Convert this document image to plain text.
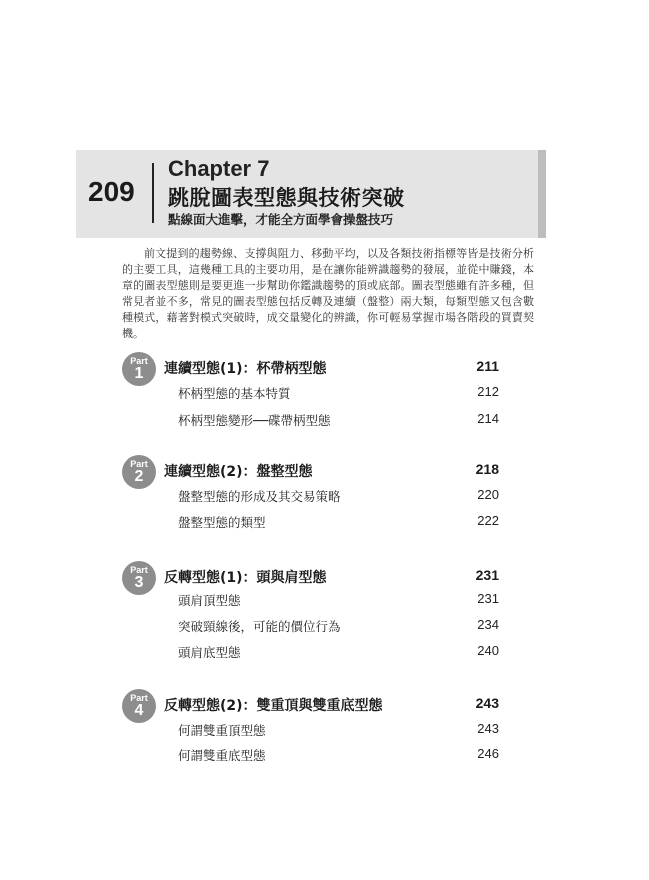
209
Chapter 7
跳脫圖表型態與技術突破
點線面大進擊，才能全方面學會操盤技巧
前文提到的趨勢線、支撐與阻力、移動平均，以及各類技術指標等皆是技術分析的主要工具，這幾種工具的主要功用，是在讓你能辨識趨勢的發展，並從中賺錢，本章的圖表型態則是要更進一步幫助你鑑識趨勢的頂或底部。圖表型態雖有許多種，但常見者並不多，常見的圖表型態包括反轉及連續（盤整）兩大類，每類型態又包含數種模式，藉著對模式突破時，成交量變化的辨識，你可輕易掌握市場各階段的買賣契機。
Part
1	連續型態(1)：杯帶柄型態	211
杯柄型態的基本特質	212
杯柄型態變形──碟帶柄型態	214
Part
2	連續型態(2)：盤整型態	218
盤整型態的形成及其交易策略	220
盤整型態的類型	222
Part
3	反轉型態(1)：頭與肩型態	231
頭肩頂型態	231
突破頸線後，可能的價位行為	234
頭肩底型態	240
Part
4	反轉型態(2)：雙重頂與雙重底型態	243
何謂雙重頂型態	243
何謂雙重底型態	246
